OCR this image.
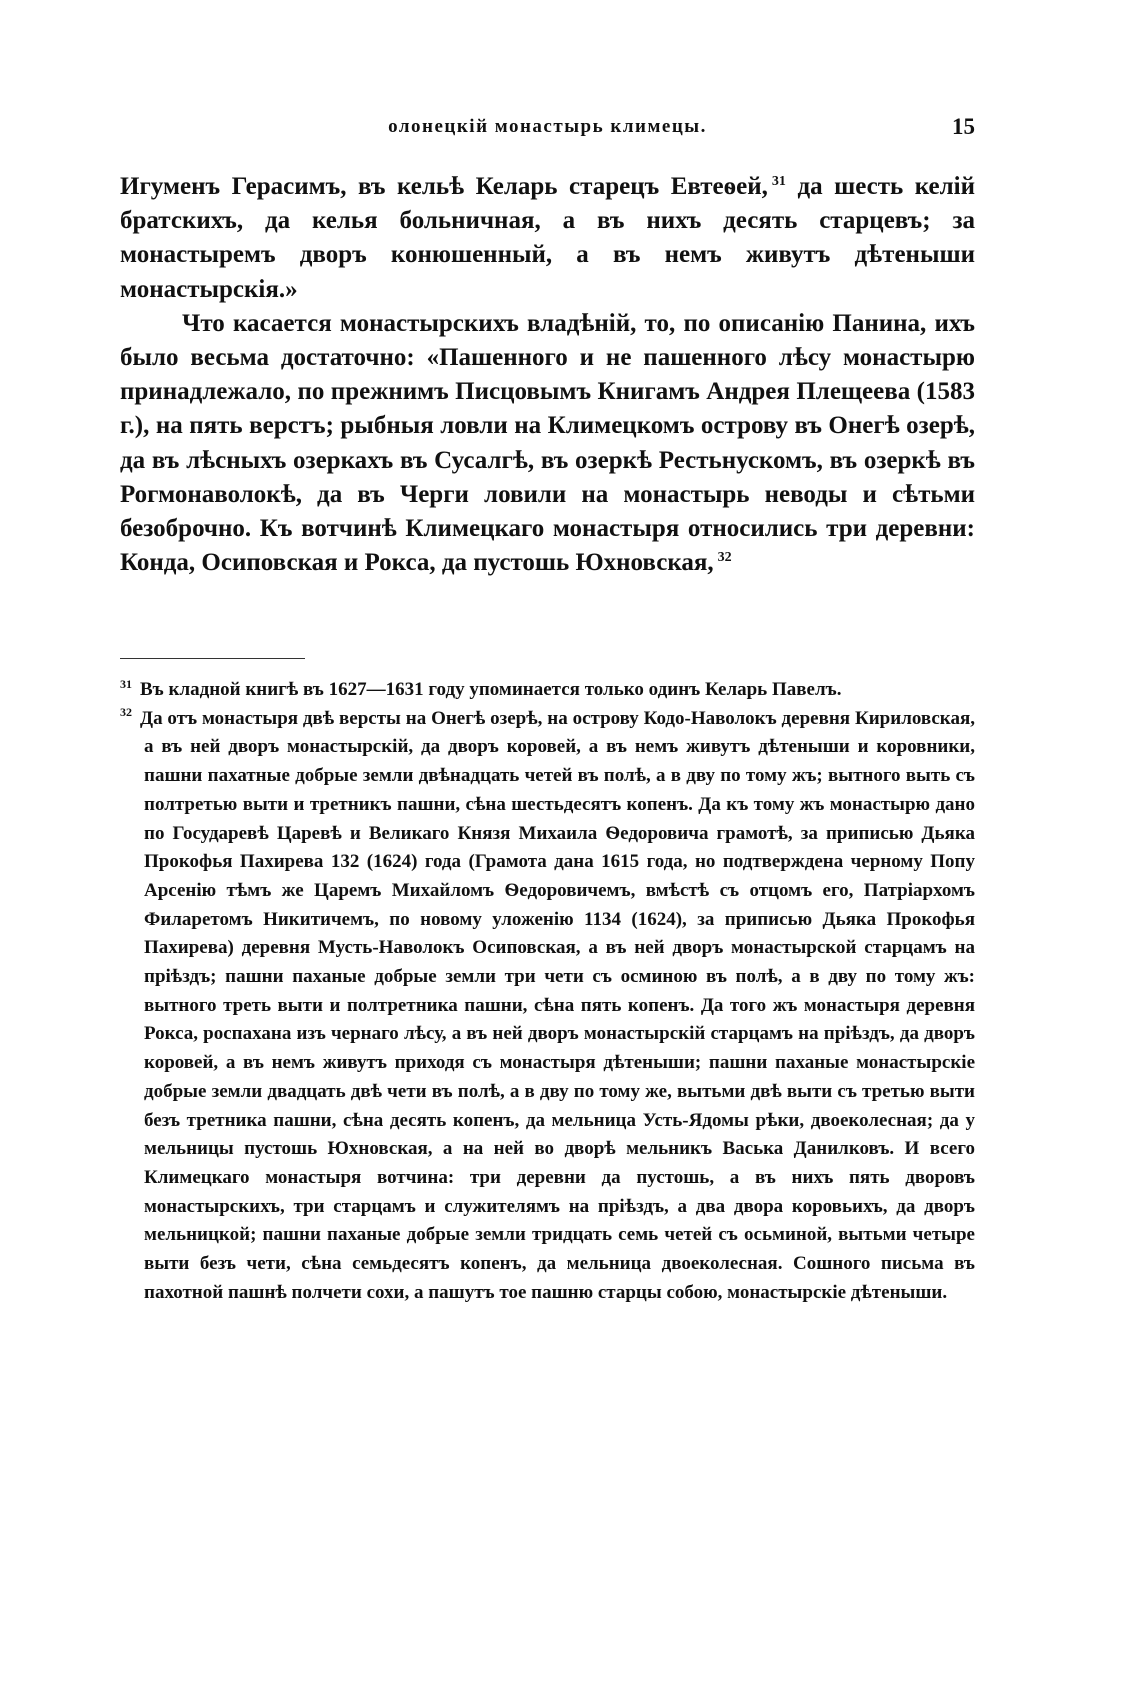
олонецкій монастырь климецы.	15

Игуменъ Герасимъ, въ кельѣ Келарь старецъ Евтеѳей, $^{31}$ да шесть келій братскихъ, да келья больничная, а въ нихъ десять старцевъ; за монастыремъ дворъ конюшенный, а въ немъ живутъ дѣтеныши монастырскія.»

Что касается монастырскихъ владѣній, то, по описанію Панина, ихъ было весьма достаточно: «Пашенного и не пашенного лѣсу монастырю принадлежало, по прежнимъ Писцовымъ Книгамъ Андрея Плещеева (1583 г.), на пять верстъ; рыбныя ловли на Климецкомъ острову въ Онегѣ озерѣ, да въ лѣсныхъ озеркахъ въ Сусалгѣ, въ озеркѣ Рестьнускомъ, въ озеркѣ въ Рогмонаволокѣ, да въ Черги ловили на монастырь неводы и сѣтьми безоброчно. Къ вотчинѣ Климецкаго монастыря относились три деревни: Конда, Осиповская и Рокса, да пустошь Юхновская, $^{32}$

31 Въ кладной книгѣ въ 1627—1631 году упоминается только одинъ Келарь Павелъ.

32 Да отъ монастыря двѣ версты на Онегѣ озерѣ, на острову Кодо-Наволокъ деревня Кириловская, а въ ней дворъ монастырскій, да дворъ коровей, а въ немъ живутъ дѣтеныши и коровники, пашни пахатные добрые земли двѣнадцать четей въ полѣ, а в дву по тому жъ; вытного выть съ полтретью выти и третникъ пашни, сѣна шестьдесятъ копенъ. Да къ тому жъ монастырю дано по Государевѣ Царевѣ и Великаго Князя Михаила Ѳедоровича грамотѣ, за приписью Дьяка Прокофья Пахирева 132 (1624) года (Грамота дана 1615 года, но подтверждена черному Попу Арсенію тѣмъ же Царемъ Михайломъ Ѳедоровичемъ, вмѣстѣ съ отцомъ его, Патріархомъ Филаретомъ Никитичемъ, по новому уложенію 1134 (1624), за приписью Дьяка Прокофья Пахирева) деревня Мусть-Наволокъ Осиповская, а въ ней дворъ монастырской старцамъ на пріѣздъ; пашни паханые добрые земли три чети съ осминою въ полѣ, а в дву по тому жъ: вытного треть выти и полтретника пашни, сѣна пять копенъ. Да того жъ монастыря деревня Рокса, роспахана изъ чернаго лѣсу, а въ ней дворъ монастырскій старцамъ на пріѣздъ, да дворъ коровей, а въ немъ живутъ приходя съ монастыря дѣтеныши; пашни паханые монастырскіе добрые земли двадцать двѣ чети въ полѣ, а в дву по тому же, вытьми двѣ выти съ третью выти безъ третника пашни, сѣна десять копенъ, да мельница Усть-Ядомы рѣки, двоеколесная; да у мельницы пустошь Юхновская, а на ней во дворѣ мельникъ Васька Данилковъ. И всего Климецкаго монастыря вотчина: три деревни да пустошь, а въ нихъ пять дворовъ монастырскихъ, три старцамъ и служителямъ на пріѣздъ, а два двора коровьихъ, да дворъ мельницкой; пашни паханые добрые земли тридцать семь четей съ осьминой, вытьми четыре выти безъ чети, сѣна семьдесятъ копенъ, да мельница двоеколесная. Сошного письма въ пахотной пашнѣ полчети сохи, а пашутъ тое пашню старцы собою, монастырскіе дѣтеныши.
